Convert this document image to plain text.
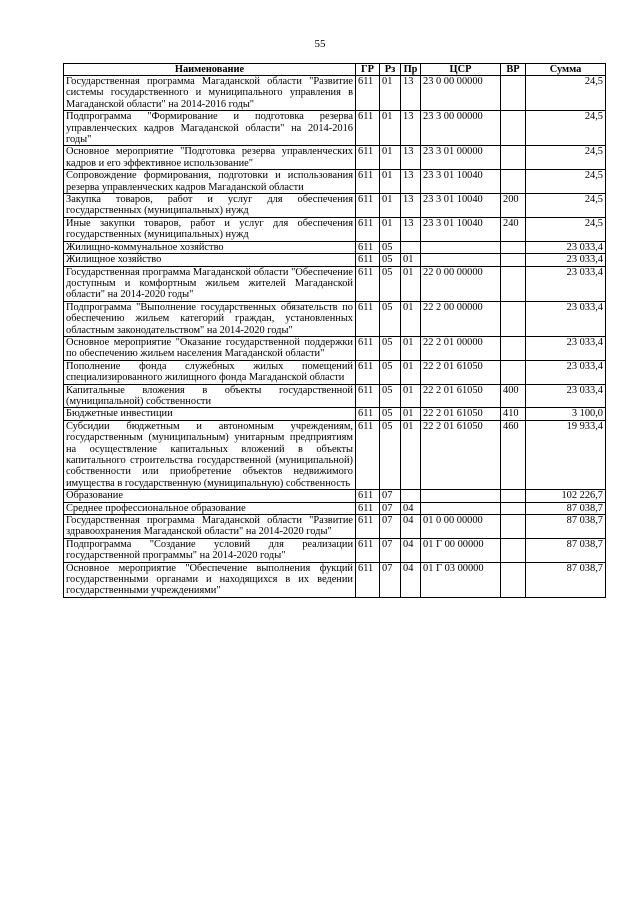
55
Наименование	ГР	Рз	Пр	ЦСР	ВР	Сумма
Государственная программа Магаданской области "Развитие системы государственного и муниципального управления в Магаданской области" на 2014-2016 годы"	611	01	13	23 0 00 00000		24,5
Подпрограмма "Формирование и подготовка резерва управленческих кадров Магаданской области" на 2014-2016 годы"	611	01	13	23 3 00 00000		24,5
Основное мероприятие "Подготовка резерва управленческих кадров и его эффективное использование"	611	01	13	23 3 01 00000		24,5
Сопровождение формирования, подготовки и использования резерва управленческих кадров Магаданской области	611	01	13	23 3 01 10040		24,5
Закупка товаров, работ и услуг для обеспечения государственных (муниципальных) нужд	611	01	13	23 3 01 10040	200	24,5
Иные закупки товаров, работ и услуг для обеспечения государственных (муниципальных) нужд	611	01	13	23 3 01 10040	240	24,5
Жилищно-коммунальное хозяйство	611	05				23 033,4
Жилищное хозяйство	611	05	01			23 033,4
Государственная программа Магаданской области "Обеспечение доступным и комфортным жильем жителей Магаданской области" на 2014-2020 годы"	611	05	01	22 0 00 00000		23 033,4
Подпрограмма "Выполнение государственных обязательств по обеспечению жильем категорий граждан, установленных областным законодательством" на 2014-2020 годы"	611	05	01	22 2 00 00000		23 033,4
Основное мероприятие "Оказание государственной поддержки по обеспечению жильем населения Магаданской области"	611	05	01	22 2 01 00000		23 033,4
Пополнение фонда служебных жилых помещений специализированного жилищного фонда Магаданской области	611	05	01	22 2 01 61050		23 033,4
Капитальные вложения в объекты государственной (муниципальной) собственности	611	05	01	22 2 01 61050	400	23 033,4
Бюджетные инвестиции	611	05	01	22 2 01 61050	410	3 100,0
Субсидии бюджетным и автономным учреждениям, государственным (муниципальным) унитарным предприятиям на осуществление капитальных вложений в объекты капитального строительства государственной (муниципальной) собственности или приобретение объектов недвижимого имущества в государственную (муниципальную) собственность	611	05	01	22 2 01 61050	460	19 933,4
Образование	611	07				102 226,7
Среднее профессиональное образование	611	07	04			87 038,7
Государственная программа Магаданской области "Развитие здравоохранения Магаданской области" на 2014-2020 годы"	611	07	04	01 0 00 00000		87 038,7
Подпрограмма "Создание условий для реализации государственной программы" на 2014-2020 годы"	611	07	04	01 Г 00 00000		87 038,7
Основное мероприятие "Обеспечение выполнения фукций государственными органами и находящихся в их ведении государственными учреждениями"	611	07	04	01 Г 03 00000		87 038,7
